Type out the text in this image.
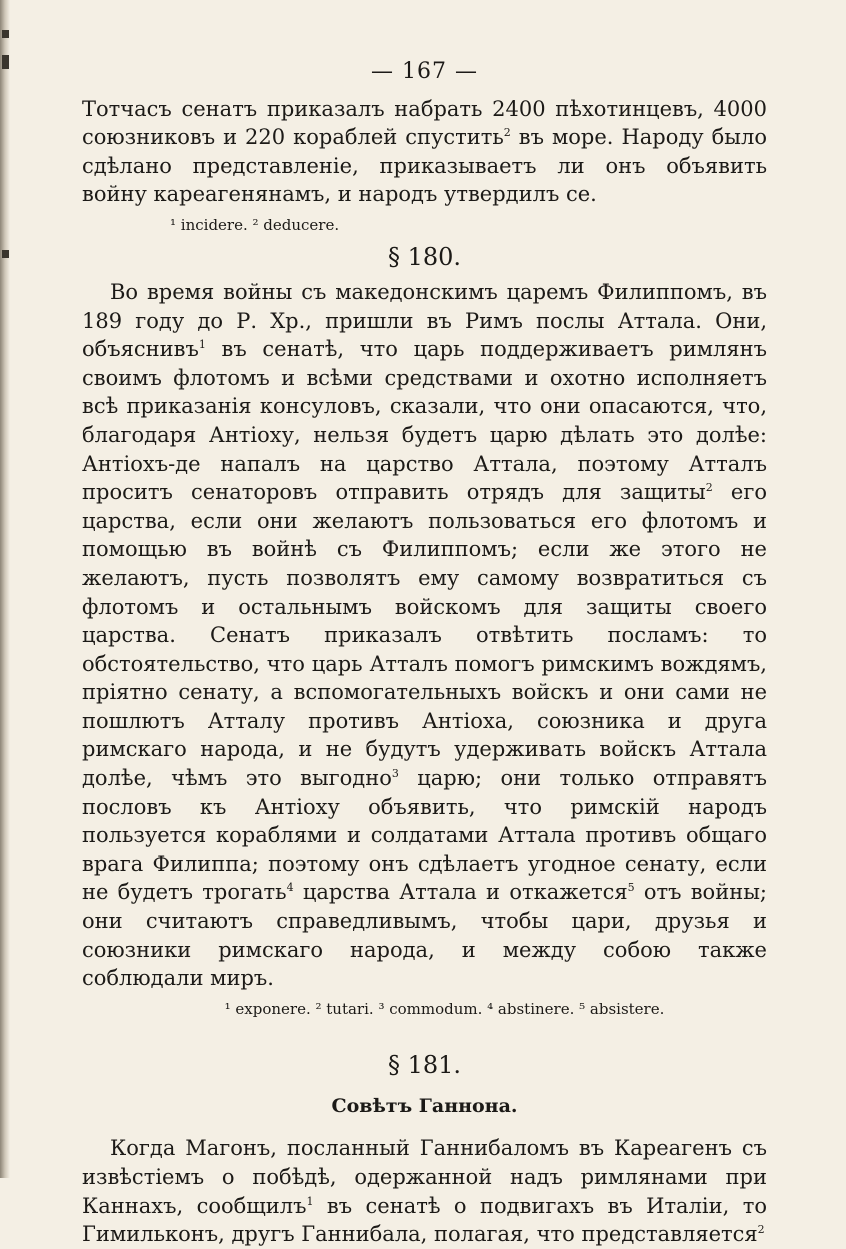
— 167 —

Тотчасъ сенатъ приказалъ набрать 2400 пѣхотинцевъ, 4000 союзниковъ и 220 кораблей спустить$^2$ въ море. Народу было сдѣлано представленіе, приказываетъ ли онъ объявить войну кареагенянамъ, и народъ утвердилъ се.

¹ incidere. ² deducere.
§ 180.

Во время войны съ македонскимъ царемъ Филиппомъ, въ 189 году до Р. Хр., пришли въ Римъ послы Аттала. Они, объяснивъ$^1$ въ сенатѣ, что царь поддерживаетъ римлянъ своимъ флотомъ и всѣми средствами и охотно исполняетъ всѣ приказанія консуловъ, сказали, что они опасаются, что, благодаря Антіоху, нельзя будетъ царю дѣлать это долѣе: Антіохъ-де напалъ на царство Аттала, поэтому Атталъ проситъ сенаторовъ отправить отрядъ для защиты$^2$ его царства, если они желаютъ пользоваться его флотомъ и помощью въ войнѣ съ Филиппомъ; если же этого не желаютъ, пусть позволятъ ему самому возвратиться съ флотомъ и остальнымъ войскомъ для защиты своего царства. Сенатъ приказалъ отвѣтить посламъ: то обстоятельство, что царь Атталъ помогъ римскимъ вождямъ, пріятно сенату, а вспомогательныхъ войскъ и они сами не пошлютъ Атталу противъ Антіоха, союзника и друга римскаго народа, и не будутъ удерживать войскъ Аттала долѣе, чѣмъ это выгодно$^3$ царю; они только отправятъ пословъ къ Антіоху объявить, что римскій народъ пользуется кораблями и солдатами Аттала противъ общаго врага Филиппа; поэтому онъ сдѣлаетъ угодное сенату, если не будетъ трогать$^4$ царства Аттала и откажется$^5$ отъ войны; они считаютъ справедливымъ, чтобы цари, друзья и союзники римскаго народа, и между собою также соблюдали миръ.

¹ exponere. ² tutari. ³ commodum. ⁴ abstinere. ⁵ absistere.
§ 181.
Совѣтъ Ганнона.

Когда Магонъ, посланный Ганнибаломъ въ Кареагенъ съ извѣстіемъ о побѣдѣ, одержанной надъ римлянами при Каннахъ, сообщилъ$^1$ въ сенатѣ о подвигахъ въ Италіи, то Гимильконъ, другъ Ганнибала, полагая, что представляется$^2$
